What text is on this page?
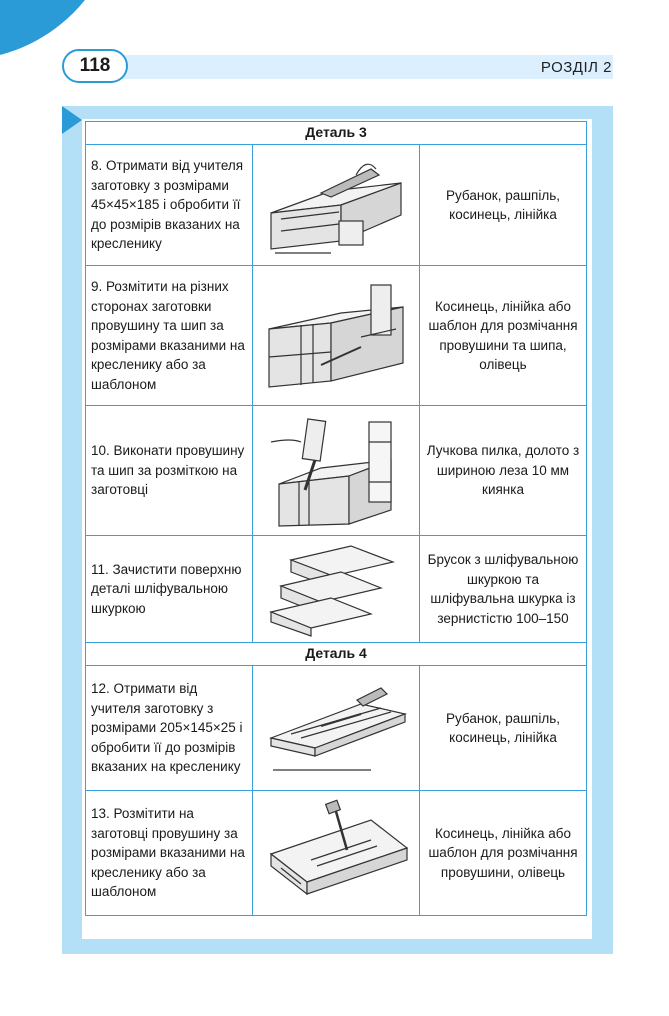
118	РОЗДІЛ 2
Деталь 3		
8. Отримати від учителя заготовку з розмірами 45×45×185 і обробити її до розмірів вказаних на кресленику		Рубанок, рашпіль, косинець, лінійка
9. Розмітити на різних сторонах заготовки провушину та шип за розмірами вказаними на кресленику або за шаблоном		Косинець, лінійка або шаблон для розмічання провушини та шипа, олівець
10. Виконати провушину та шип за розміткою на заготовці		Лучкова пилка, долото з шириною леза 10 мм киянка
11. Зачистити поверхню деталі шліфувальною шкуркою		Брусок з шліфувальною шкуркою та шліфувальна шкурка із зернистістю 100–150
Деталь 4		
12. Отримати від учителя заготовку з розмірами 205×145×25 і обробити її до розмірів вказаних на кресленику		Рубанок, рашпіль, косинець, лінійка
13. Розмітити на заготовці провушину за розмірами вказаними на кресленику або за шаблоном		Косинець, лінійка або шаблон для розмічання провушини, олівець
